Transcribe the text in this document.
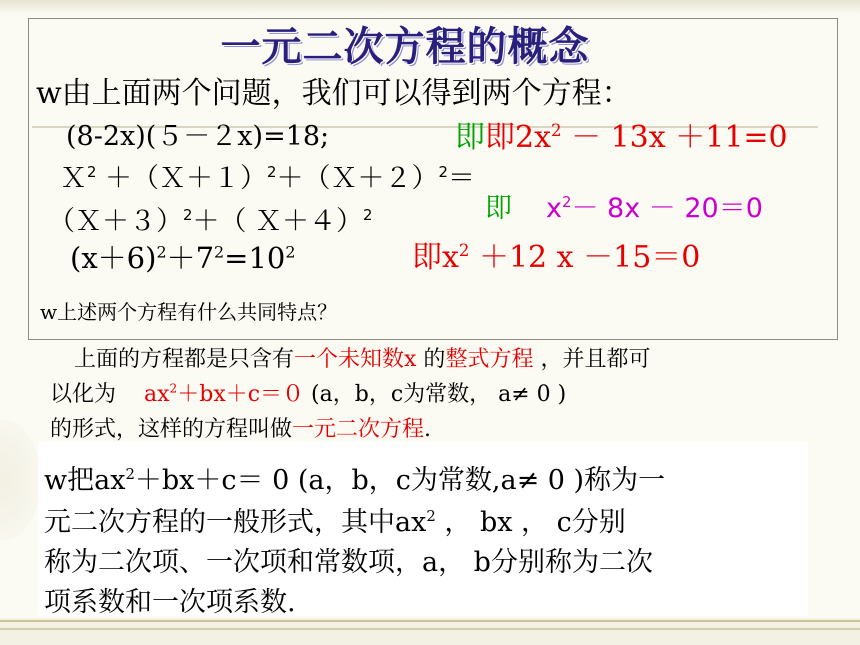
一元二次方程的概念
w由上面两个问题，我们可以得到两个方程：
(8-2x)(５－２x)=18;	即即$2x^2 - 13x +11=0$
Ｘ$^2$ ＋（Ｘ＋１）$^2$＋（Ｘ＋２）$^2$＝
（Ｘ＋３）$^2$＋（ Ｘ＋４）$^2$	即 $x^2- 8x - 20=0$
$(x+6)^2+7^2=10^2$	即$x^2 +12$ x －15＝0
w上述两个方程有什么共同特点？
上面的方程都是只含有一个未知数x 的整式方程 ，并且都可
以化为 $ax^2+bx+c=0$ (a，b，c为常数， a≠ 0 )
的形式，这样的方程叫做一元二次方程.
w把$ax^2+bx+c= 0$ (a，b，c为常数,a≠ 0 )称为一
元二次方程的一般形式，其中$ax^2$ ， bx ， c分别
称为二次项、一次项和常数项，a， b分别称为二次
项系数和一次项系数.
